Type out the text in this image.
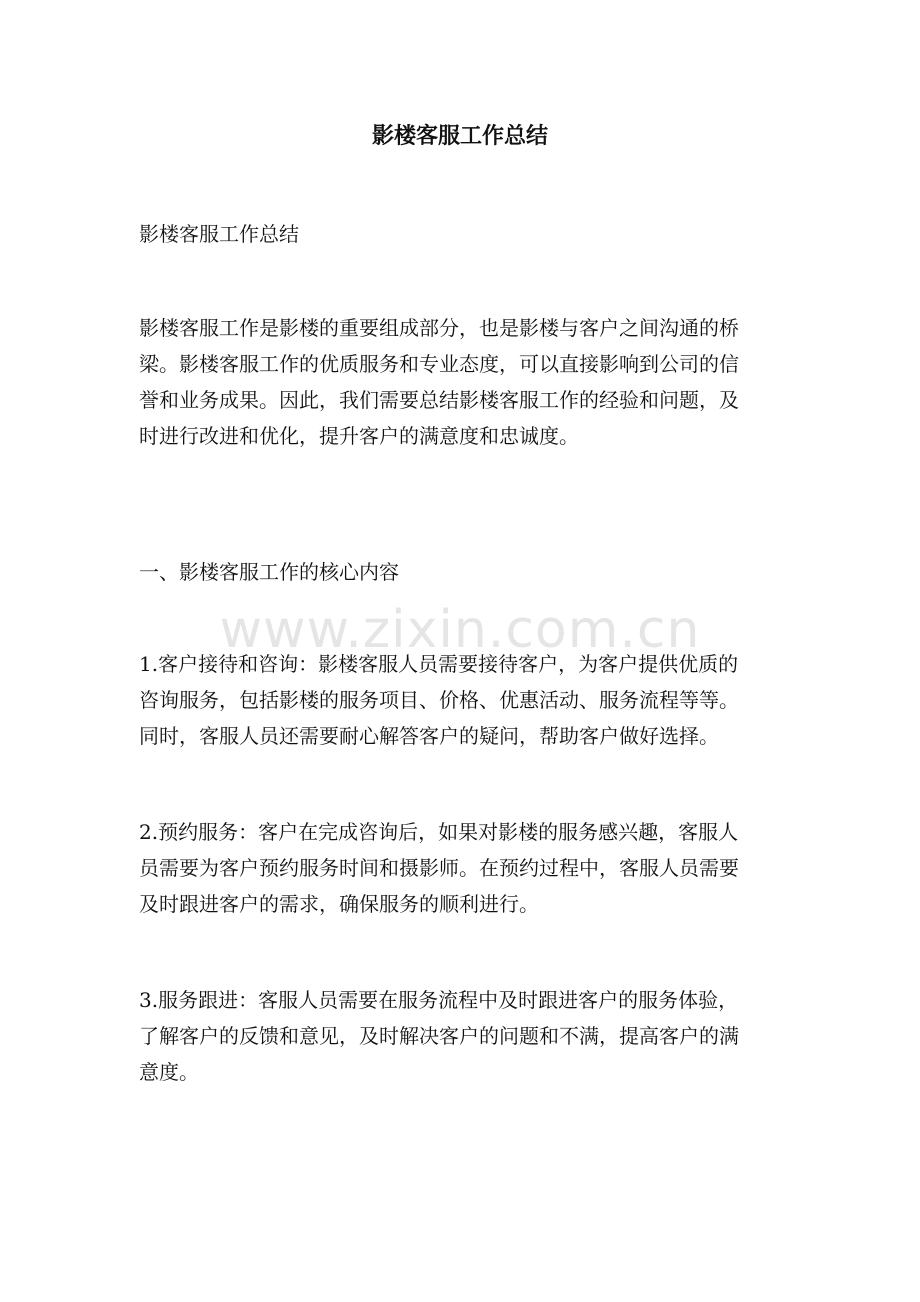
影楼客服工作总结

影楼客服工作总结

影楼客服工作是影楼的重要组成部分，也是影楼与客户之间沟通的桥
梁。影楼客服工作的优质服务和专业态度，可以直接影响到公司的信
誉和业务成果。因此，我们需要总结影楼客服工作的经验和问题，及
时进行改进和优化，提升客户的满意度和忠诚度。

一、影楼客服工作的核心内容

1.客户接待和咨询：影楼客服人员需要接待客户，为客户提供优质的
咨询服务，包括影楼的服务项目、价格、优惠活动、服务流程等等。
同时，客服人员还需要耐心解答客户的疑问，帮助客户做好选择。

2.预约服务：客户在完成咨询后，如果对影楼的服务感兴趣，客服人
员需要为客户预约服务时间和摄影师。在预约过程中，客服人员需要
及时跟进客户的需求，确保服务的顺利进行。

3.服务跟进：客服人员需要在服务流程中及时跟进客户的服务体验，
了解客户的反馈和意见，及时解决客户的问题和不满，提高客户的满
意度。

www.zixin.com.cn
